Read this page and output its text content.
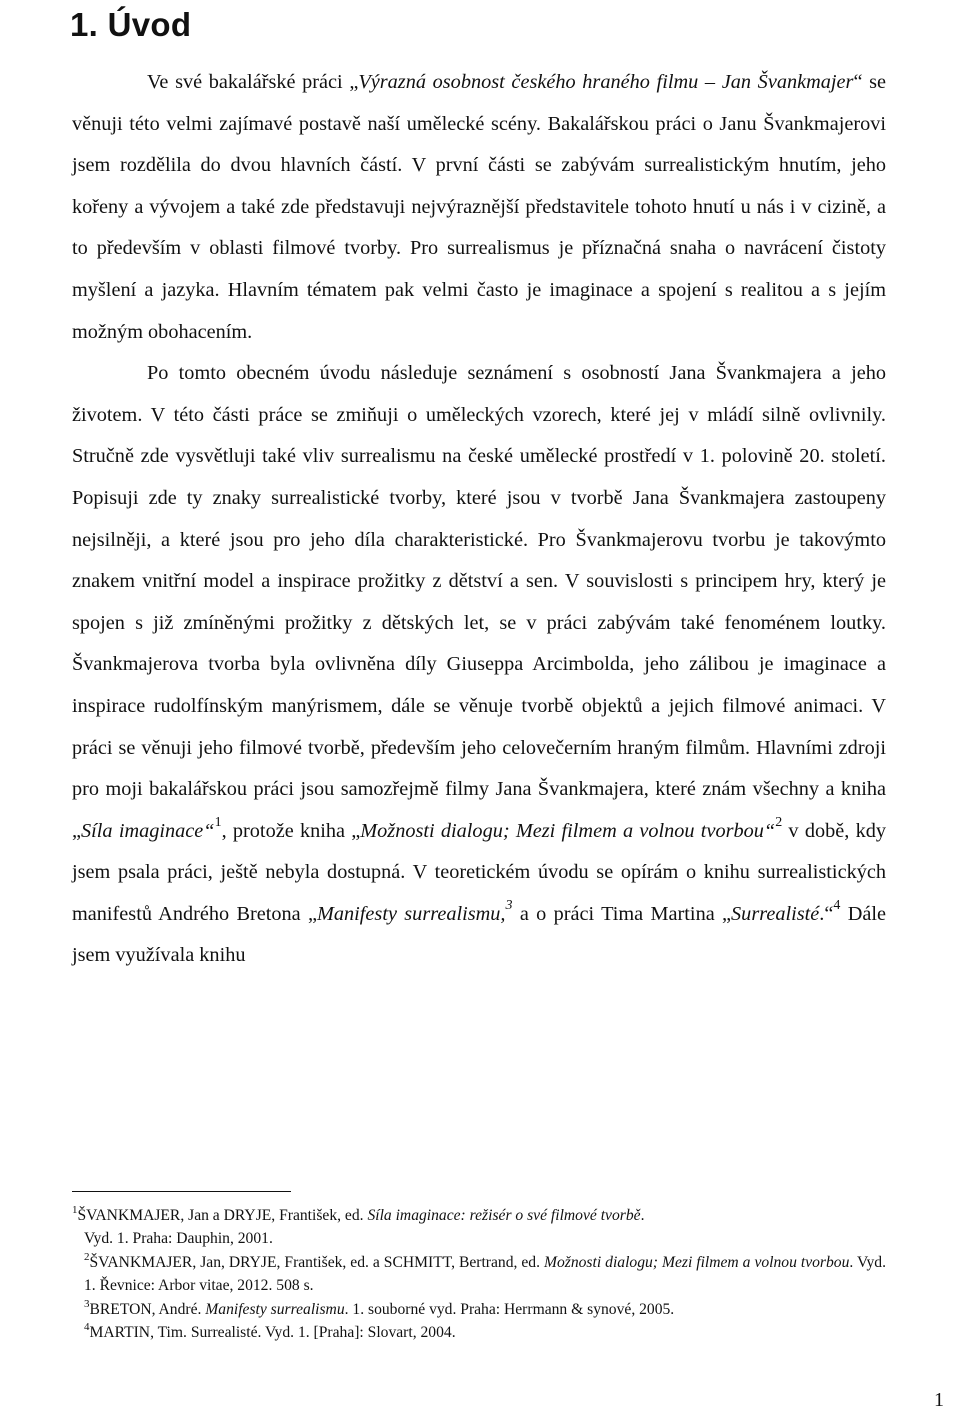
1. Úvod

Ve své bakalářské práci „Výrazná osobnost českého hraného filmu – Jan Švankmajer“ se věnuji této velmi zajímavé postavě naší umělecké scény. Bakalářskou práci o Janu Švankmajerovi jsem rozdělila do dvou hlavních částí. V první části se zabývám surrealistickým hnutím, jeho kořeny a vývojem a také zde představuji nejvýraznější představitele tohoto hnutí u nás i v cizině, a to především v oblasti filmové tvorby. Pro surrealismus je příznačná snaha o navrácení čistoty myšlení a jazyka. Hlavním tématem pak velmi často je imaginace a spojení s realitou a s jejím možným obohacením.

Po tomto obecném úvodu následuje seznámení s osobností Jana Švankmajera a jeho životem. V této části práce se zmiňuji o uměleckých vzorech, které jej v mládí silně ovlivnily. Stručně zde vysvětluji také vliv surrealismu na české umělecké prostředí v 1. polovině 20. století. Popisuji zde ty znaky surrealistické tvorby, které jsou v tvorbě Jana Švankmajera zastoupeny nejsilněji, a které jsou pro jeho díla charakteristické. Pro Švankmajerovu tvorbu je takovýmto znakem vnitřní model a inspirace prožitky z dětství a sen. V souvislosti s principem hry, který je spojen s již zmíněnými prožitky z dětských let, se v práci zabývám také fenoménem loutky. Švankmajerova tvorba byla ovlivněna díly Giuseppa Arcimbolda, jeho zálibou je imaginace a inspirace rudolfínským manýrismem, dále se věnuje tvorbě objektů a jejich filmové animaci. V práci se věnuji jeho filmové tvorbě, především jeho celovečerním hraným filmům. Hlavními zdroji pro moji bakalářskou práci jsou samozřejmě filmy Jana Švankmajera, které znám všechny a kniha „Síla imaginace“$^1$, protože kniha „Možnosti dialogu; Mezi filmem a volnou tvorbou“$^2$ v době, kdy jsem psala práci, ještě nebyla dostupná. V teoretickém úvodu se opírám o knihu surrealistických manifestů Andrého Bretona „Manifesty surrealismu,$^3$ a o práci Tima Martina „Surrealisté.“$^4$ Dále jsem využívala knihu

$^1$ŠVANKMAJER, Jan a DRYJE, František, ed. Síla imaginace: režisér o své filmové tvorbě.
Vyd. 1. Praha: Dauphin, 2001.
$^2$ŠVANKMAJER, Jan, DRYJE, František, ed. a SCHMITT, Bertrand, ed. Možnosti dialogu; Mezi filmem a volnou tvorbou. Vyd. 1. Řevnice: Arbor vitae, 2012. 508 s.
$^3$BRETON, André. Manifesty surrealismu. 1. souborné vyd. Praha: Herrmann & synové, 2005.
$^4$MARTIN, Tim. Surrealisté. Vyd. 1. [Praha]: Slovart, 2004.
1
